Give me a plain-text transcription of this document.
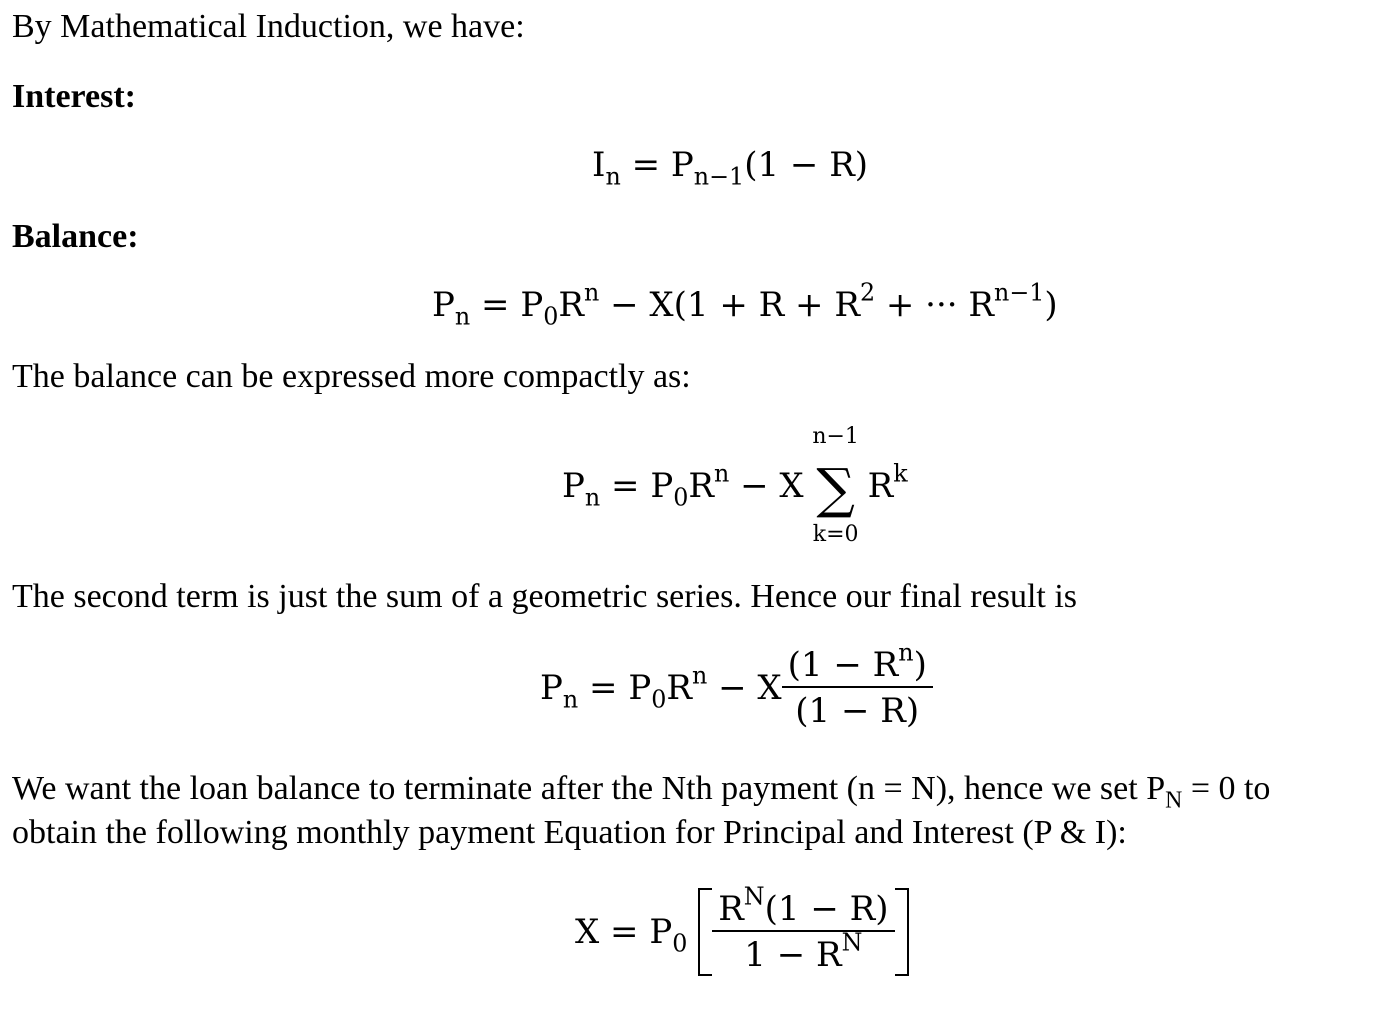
By Mathematical Induction, we have:
Interest:
$I_n = P_{n-1}(1 - R)$
Balance:
$P_n = P_0R^n - X(1 + R + R^2$ + ··· $R^{n-1}$)
The balance can be expressed more compactly as:
$P_n = P_0R^n - X$
n−1
∑
k=0
$R^k$
The second term is just the sum of a geometric series. Hence our final result is
$P_n = P_0R^n - X \frac{(1 - R^n)}{(1 - R)}$
We want the loan balance to terminate after the Nth payment (n = N), hence we set $P_N = 0$ to
obtain the following monthly payment Equation for Principal and Interest (P & I):
$X = P_0 \frac{R^N(1 - R)}{1 - R^N}$
